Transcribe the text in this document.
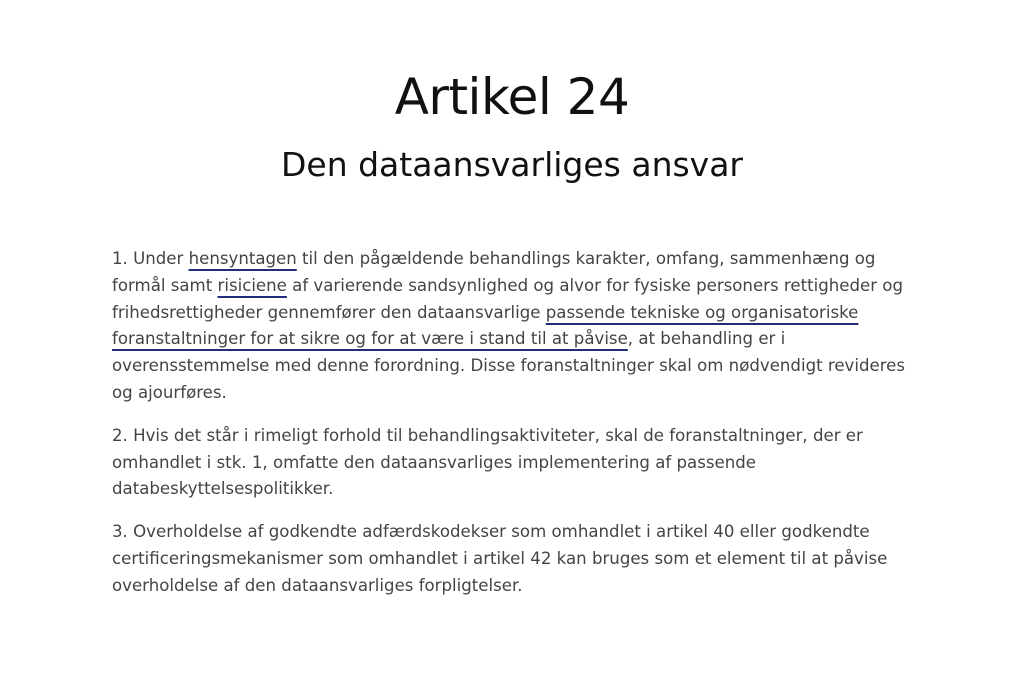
Artikel 24
Den dataansvarliges ansvar

1. Under hensyntagen til den pågældende behandlings karakter, omfang, sammenhæng og formål samt risiciene af varierende sandsynlighed og alvor for fysiske personers rettigheder og frihedsrettigheder gennemfører den dataansvarlige passende tekniske og organisatoriske foranstaltninger for at sikre og for at være i stand til at påvise, at behandling er i overensstemmelse med denne forordning. Disse foranstaltninger skal om nødvendigt revideres og ajourføres.

2. Hvis det står i rimeligt forhold til behandlingsaktiviteter, skal de foranstaltninger, der er omhandlet i stk. 1, omfatte den dataansvarliges implementering af passende databeskyttelsespolitikker.

3. Overholdelse af godkendte adfærdskodekser som omhandlet i artikel 40 eller godkendte certificeringsmekanismer som omhandlet i artikel 42 kan bruges som et element til at påvise overholdelse af den dataansvarliges forpligtelser.
